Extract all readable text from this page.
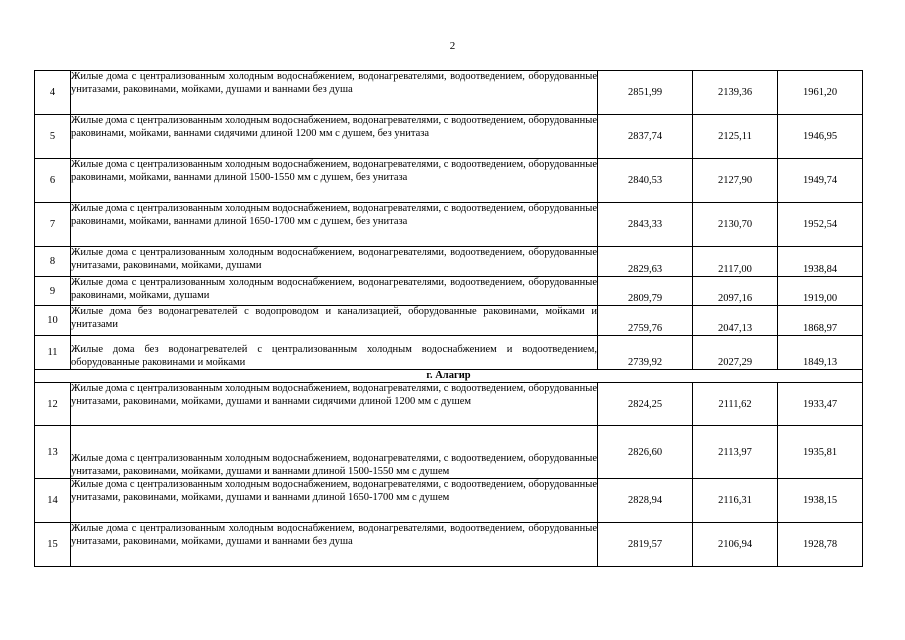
2
4	Жилые дома с централизованным холодным водоснабжением, водонагревателями, водоотведением, оборудованные унитазами, раковинами, мойками, душами и ваннами без душа	2851,99	2139,36	1961,20
5	Жилые дома с централизованным холодным водоснабжением, водонагревателями, с водоотведением, оборудованные раковинами, мойками, ваннами сидячими длиной 1200 мм с душем, без унитаза	2837,74	2125,11	1946,95
6	Жилые дома с централизованным холодным водоснабжением, водонагревателями, с водоотведением, оборудованные раковинами, мойками, ваннами длиной 1500-1550 мм с душем, без унитаза	2840,53	2127,90	1949,74
7	Жилые дома с централизованным холодным водоснабжением, водонагревателями, с водоотведением, оборудованные раковинами, мойками, ваннами длиной 1650-1700 мм с душем, без унитаза	2843,33	2130,70	1952,54
8	Жилые дома с централизованным холодным водоснабжением, водонагревателями, водоотведением, оборудованные унитазами, раковинами, мойками, душами	2829,63	2117,00	1938,84
9	Жилые дома с централизованным холодным водоснабжением, водонагревателями, водоотведением, оборудованные раковинами, мойками, душами	2809,79	2097,16	1919,00
10	Жилые дома без водонагревателей с водопроводом и канализацией, оборудованные раковинами, мойками и унитазами	2759,76	2047,13	1868,97
11	Жилые дома без водонагревателей с централизованным холодным водоснабжением и водоотведением, оборудованные раковинами и мойками	2739,92	2027,29	1849,13
г. Алагир				
12	Жилые дома с централизованным холодным водоснабжением, водонагревателями, с водоотведением, оборудованные унитазами, раковинами, мойками, душами и ваннами сидячими длиной 1200 мм с душем	2824,25	2111,62	1933,47
13	Жилые дома с централизованным холодным водоснабжением, водонагревателями, с водоотведением, оборудованные унитазами, раковинами, мойками, душами и ваннами длиной 1500-1550 мм с душем	2826,60	2113,97	1935,81
14	Жилые дома с централизованным холодным водоснабжением, водонагревателями, с водоотведением, оборудованные унитазами, раковинами, мойками, душами и ваннами длиной 1650-1700 мм с душем	2828,94	2116,31	1938,15
15	Жилые дома с централизованным холодным водоснабжением, водонагревателями, водоотведением, оборудованные унитазами, раковинами, мойками, душами и ваннами без душа	2819,57	2106,94	1928,78
